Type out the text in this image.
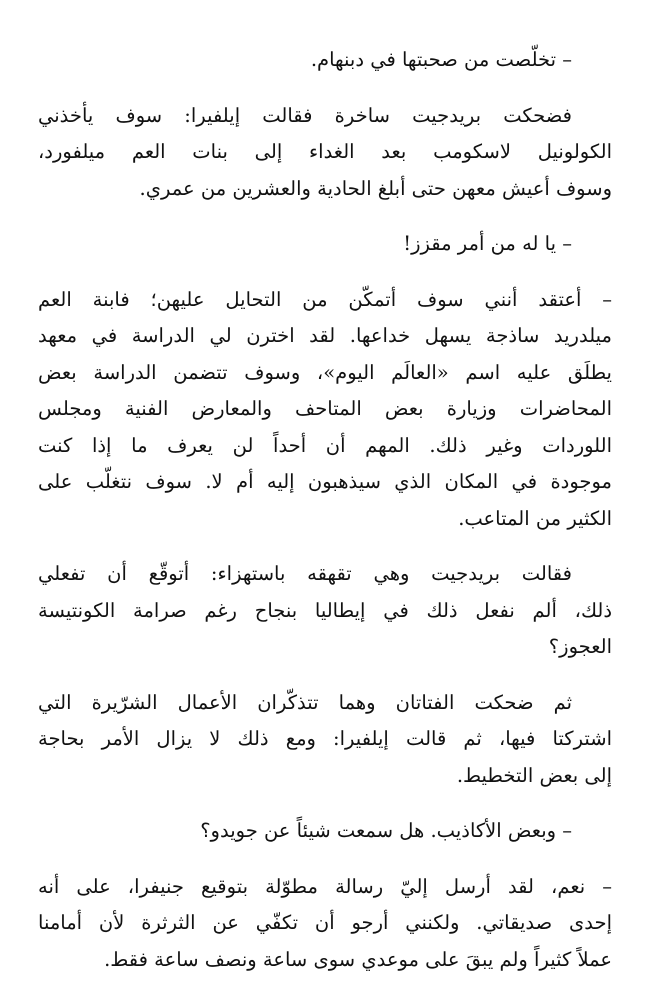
– تخلّصت من صحبتها في دبنهام.
فضحكت بريدجيت ساخرة فقالت إيلفيرا: سوف يأخذني
الكولونيل لاسكومب بعد الغداء إلى بنات العم ميلفورد،
وسوف أعيش معهن حتى أبلغ الحادية والعشرين من عمري.
– يا له من أمر مقزز!
– أعتقد أنني سوف أتمكّن من التحايل عليهن؛ فابنة العم
ميلدريد ساذجة يسهل خداعها. لقد اخترن لي الدراسة في معهد
يطلَق عليه اسم «العالَم اليوم»، وسوف تتضمن الدراسة بعض
المحاضرات وزيارة بعض المتاحف والمعارض الفنية ومجلس
اللوردات وغير ذلك. المهم أن أحداً لن يعرف ما إذا كنت
موجودة في المكان الذي سيذهبون إليه أم لا. سوف نتغلّب على
الكثير من المتاعب.
فقالت بريدجيت وهي تقهقه باستهزاء: أتوقّع أن تفعلي
ذلك، ألم نفعل ذلك في إيطاليا بنجاح رغم صرامة الكونتيسة
العجوز؟
ثم ضحكت الفتاتان وهما تتذكّران الأعمال الشرّيرة التي
اشتركتا فيها، ثم قالت إيلفيرا: ومع ذلك لا يزال الأمر بحاجة
إلى بعض التخطيط.
– وبعض الأكاذيب. هل سمعت شيئاً عن جويدو؟
– نعم، لقد أرسل إليّ رسالة مطوّلة بتوقيع جنيفرا، على أنه
إحدى صديقاتي. ولكنني أرجو أن تكفّي عن الثرثرة لأن أمامنا
عملاً كثيراً ولم يبقَ على موعدي سوى ساعة ونصف ساعة فقط.
